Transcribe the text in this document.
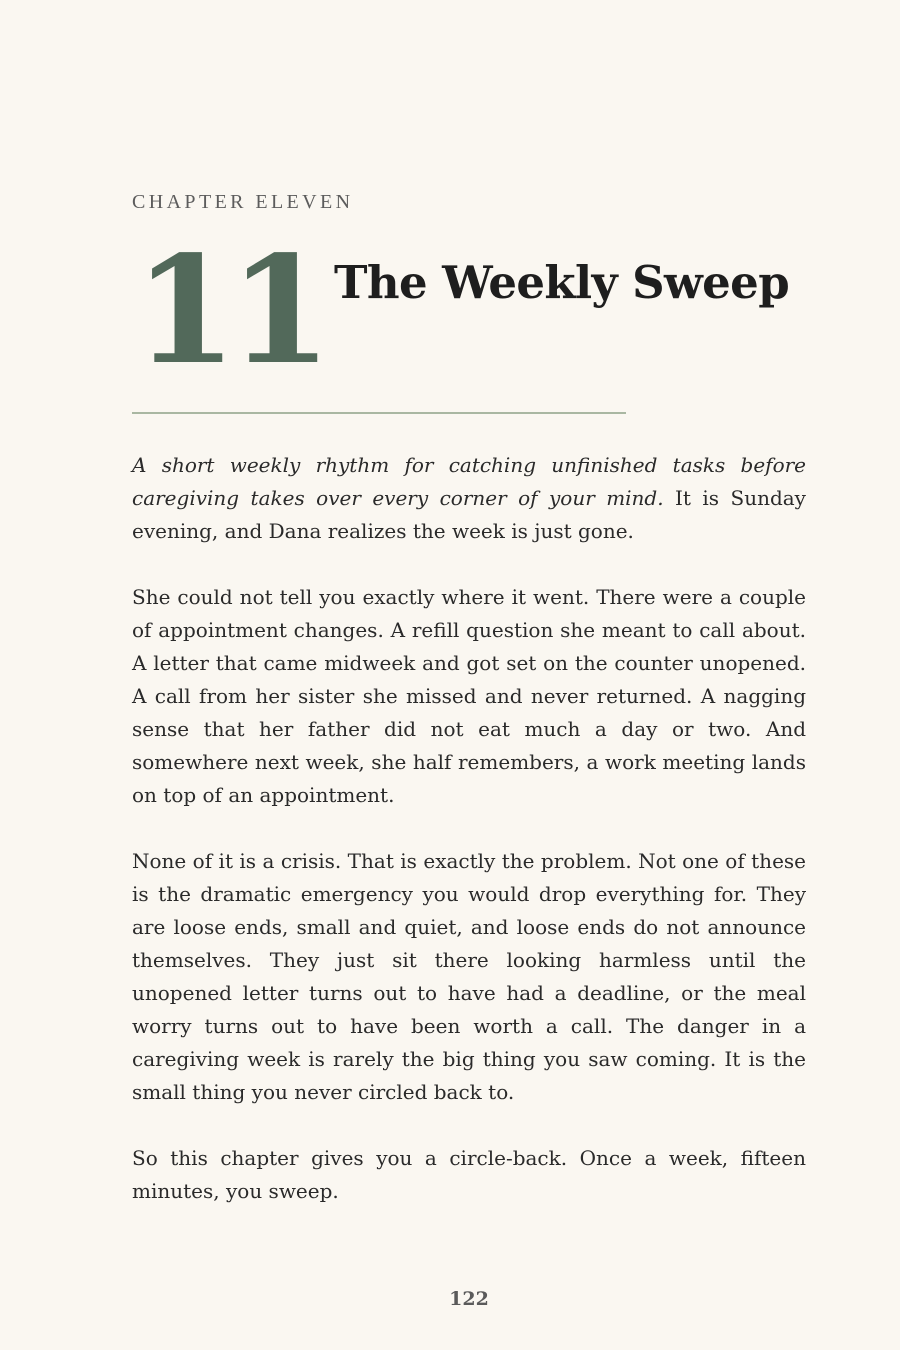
CHAPTER ELEVEN
11 The Weekly Sweep

A short weekly rhythm for catching unfinished tasks before caregiving takes over every corner of your mind. It is Sunday evening, and Dana realizes the week is just gone.

She could not tell you exactly where it went. There were a couple of appointment changes. A refill question she meant to call about. A letter that came midweek and got set on the counter unopened. A call from her sister she missed and never returned. A nagging sense that her father did not eat much a day or two. And somewhere next week, she half remembers, a work meeting lands on top of an appointment.

None of it is a crisis. That is exactly the problem. Not one of these is the dramatic emergency you would drop everything for. They are loose ends, small and quiet, and loose ends do not announce themselves. They just sit there looking harmless until the unopened letter turns out to have had a deadline, or the meal worry turns out to have been worth a call. The danger in a caregiving week is rarely the big thing you saw coming. It is the small thing you never circled back to.

So this chapter gives you a circle-back. Once a week, fifteen minutes, you sweep.

122
